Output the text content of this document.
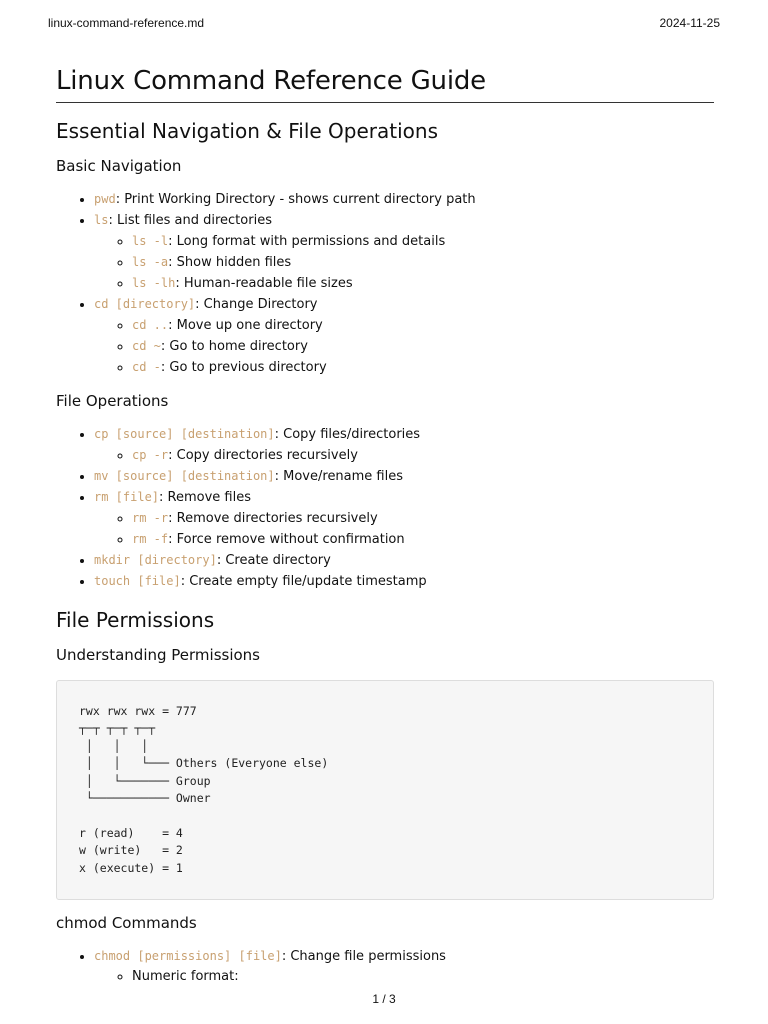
linux-command-reference.md	2024-11-25
Linux Command Reference Guide
Essential Navigation & File Operations
Basic Navigation
• pwd: Print Working Directory - shows current directory path
• ls: List files and directories
◦ ls -l: Long format with permissions and details
◦ ls -a: Show hidden files
◦ ls -lh: Human-readable file sizes
• cd [directory]: Change Directory
◦ cd ..: Move up one directory
◦ cd ~: Go to home directory
◦ cd -: Go to previous directory
File Operations
• cp [source] [destination]: Copy files/directories
◦ cp -r: Copy directories recursively
• mv [source] [destination]: Move/rename files
• rm [file]: Remove files
◦ rm -r: Remove directories recursively
◦ rm -f: Force remove without confirmation
• mkdir [directory]: Create directory
• touch [file]: Create empty file/update timestamp
File Permissions
Understanding Permissions
rwx rwx rwx = 777
┬─┬ ┬─┬ ┬─┬
│   │   │
│   │   └─── Others (Everyone else)
│   └─────── Group
└─────────── Owner

r (read)    = 4
w (write)   = 2
x (execute) = 1
chmod Commands
• chmod [permissions] [file]: Change file permissions
◦ Numeric format:
1 / 3
